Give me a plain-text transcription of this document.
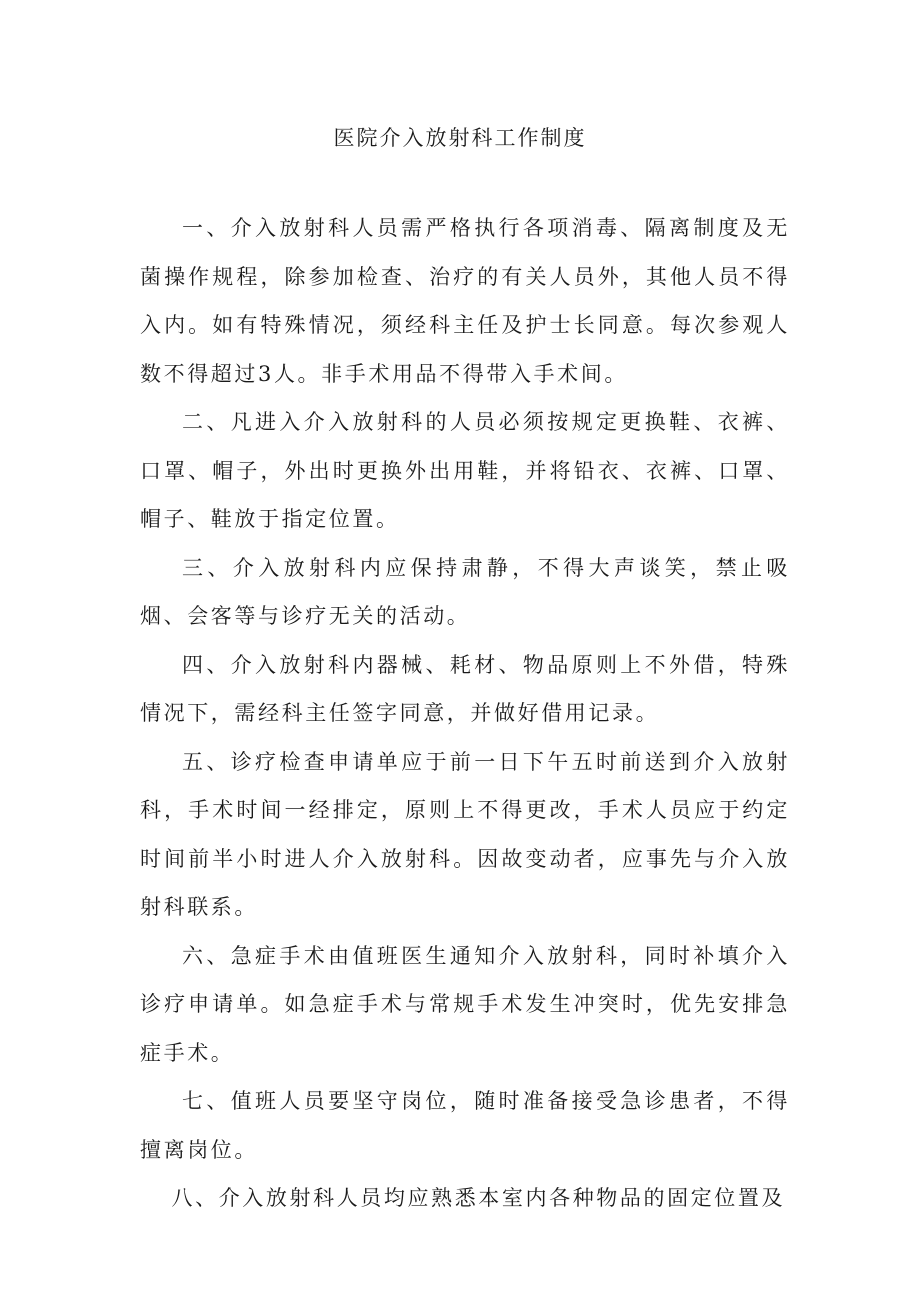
医院介入放射科工作制度

一、介入放射科人员需严格执行各项消毒、隔离制度及无菌操作规程，除参加检查、治疗的有关人员外，其他人员不得入内。如有特殊情况，须经科主任及护士长同意。每次参观人数不得超过3人。非手术用品不得带入手术间。

二、凡进入介入放射科的人员必须按规定更换鞋、衣裤、口罩、帽子，外出时更换外出用鞋，并将铅衣、衣裤、口罩、帽子、鞋放于指定位置。

三、介入放射科内应保持肃静，不得大声谈笑，禁止吸烟、会客等与诊疗无关的活动。

四、介入放射科内器械、耗材、物品原则上不外借，特殊情况下，需经科主任签字同意，并做好借用记录。

五、诊疗检查申请单应于前一日下午五时前送到介入放射科，手术时间一经排定，原则上不得更改，手术人员应于约定时间前半小时进人介入放射科。因故变动者，应事先与介入放射科联系。

六、急症手术由值班医生通知介入放射科，同时补填介入诊疗申请单。如急症手术与常规手术发生冲突时，优先安排急症手术。

七、值班人员要坚守岗位，随时准备接受急诊患者，不得擅离岗位。

八、介入放射科人员均应熟悉本室内各种物品的固定位置及
